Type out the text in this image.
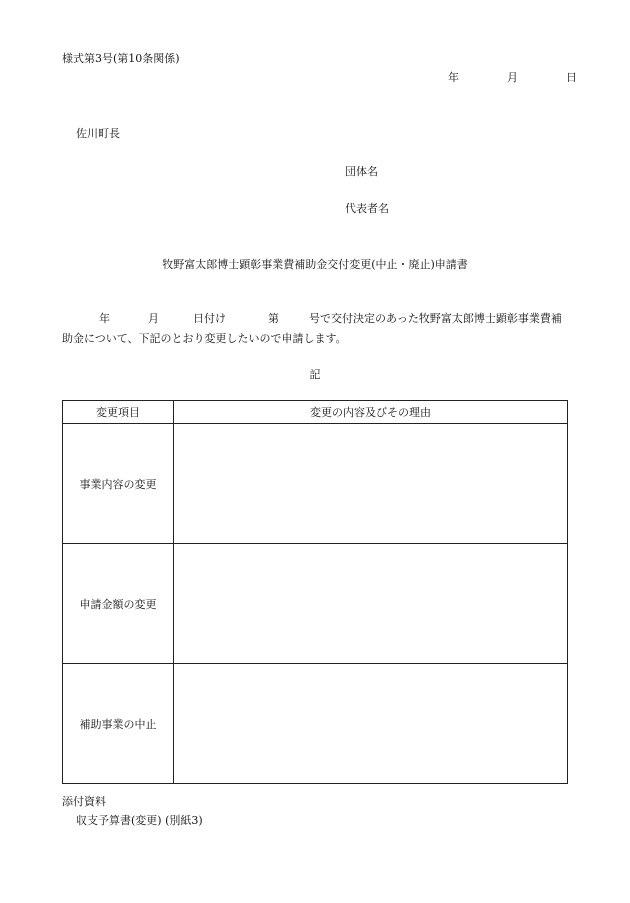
様式第3号(第10条関係)
年	月	日
佐川町長
団体名
代表者名
牧野富太郎博士顕彰事業費補助金交付変更(中止・廃止)申請書
年	月	日付け	第	号で交付決定のあった牧野富太郎博士顕彰事業費補助金について、下記のとおり変更したいので申請します。
記
変更項目	変更の内容及びその理由
事業内容の変更	
申請金額の変更	
補助事業の中止	
添付資料
収支予算書(変更) (別紙3)
